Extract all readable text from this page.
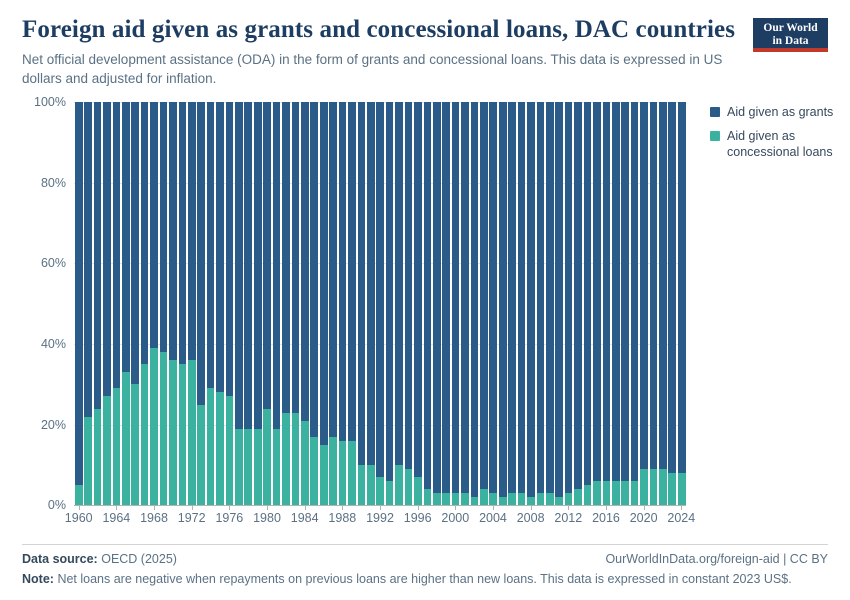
Foreign aid given as grants and concessional loans, DAC countries

Net official development assistance (ODA) in the form of grants and concessional loans. This data is expressed in US dollars and adjusted for inflation.

Our World
in Data
0%
20%
40%
60%
80%
100%
1960 1964 1968 1972 1976 1980 1984 1988 1992 1996 2000 2004 2008 2012 2016 2020 2024
Aid given as grants
Aid given as concessional loans
Data source: OECD (2025)	OurWorldInData.org/foreign-aid | CC BY
Note: Net loans are negative when repayments on previous loans are higher than new loans. This data is expressed in constant 2023 US$.
